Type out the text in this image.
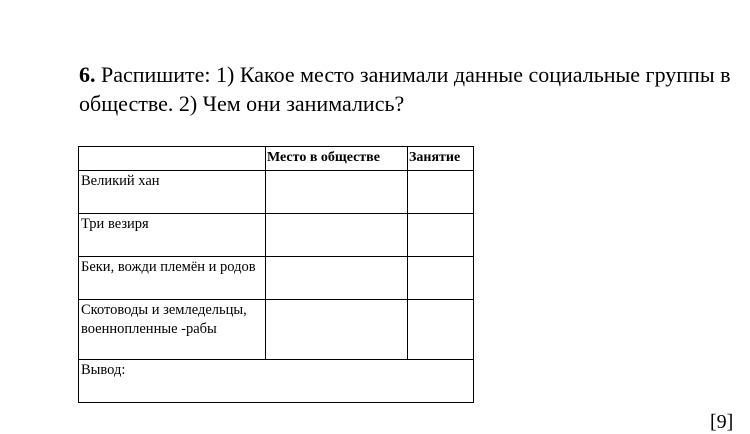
6. Распишите: 1) Какое место занимали данные социальные группы в обществе. 2) Чем они занимались?

	Место в обществе	Занятие
Великий хан		
Три везиря		
Беки, вожди племён и родов		
Скотоводы и земледельцы, военнопленные -рабы		
Вывод:		
[9]
